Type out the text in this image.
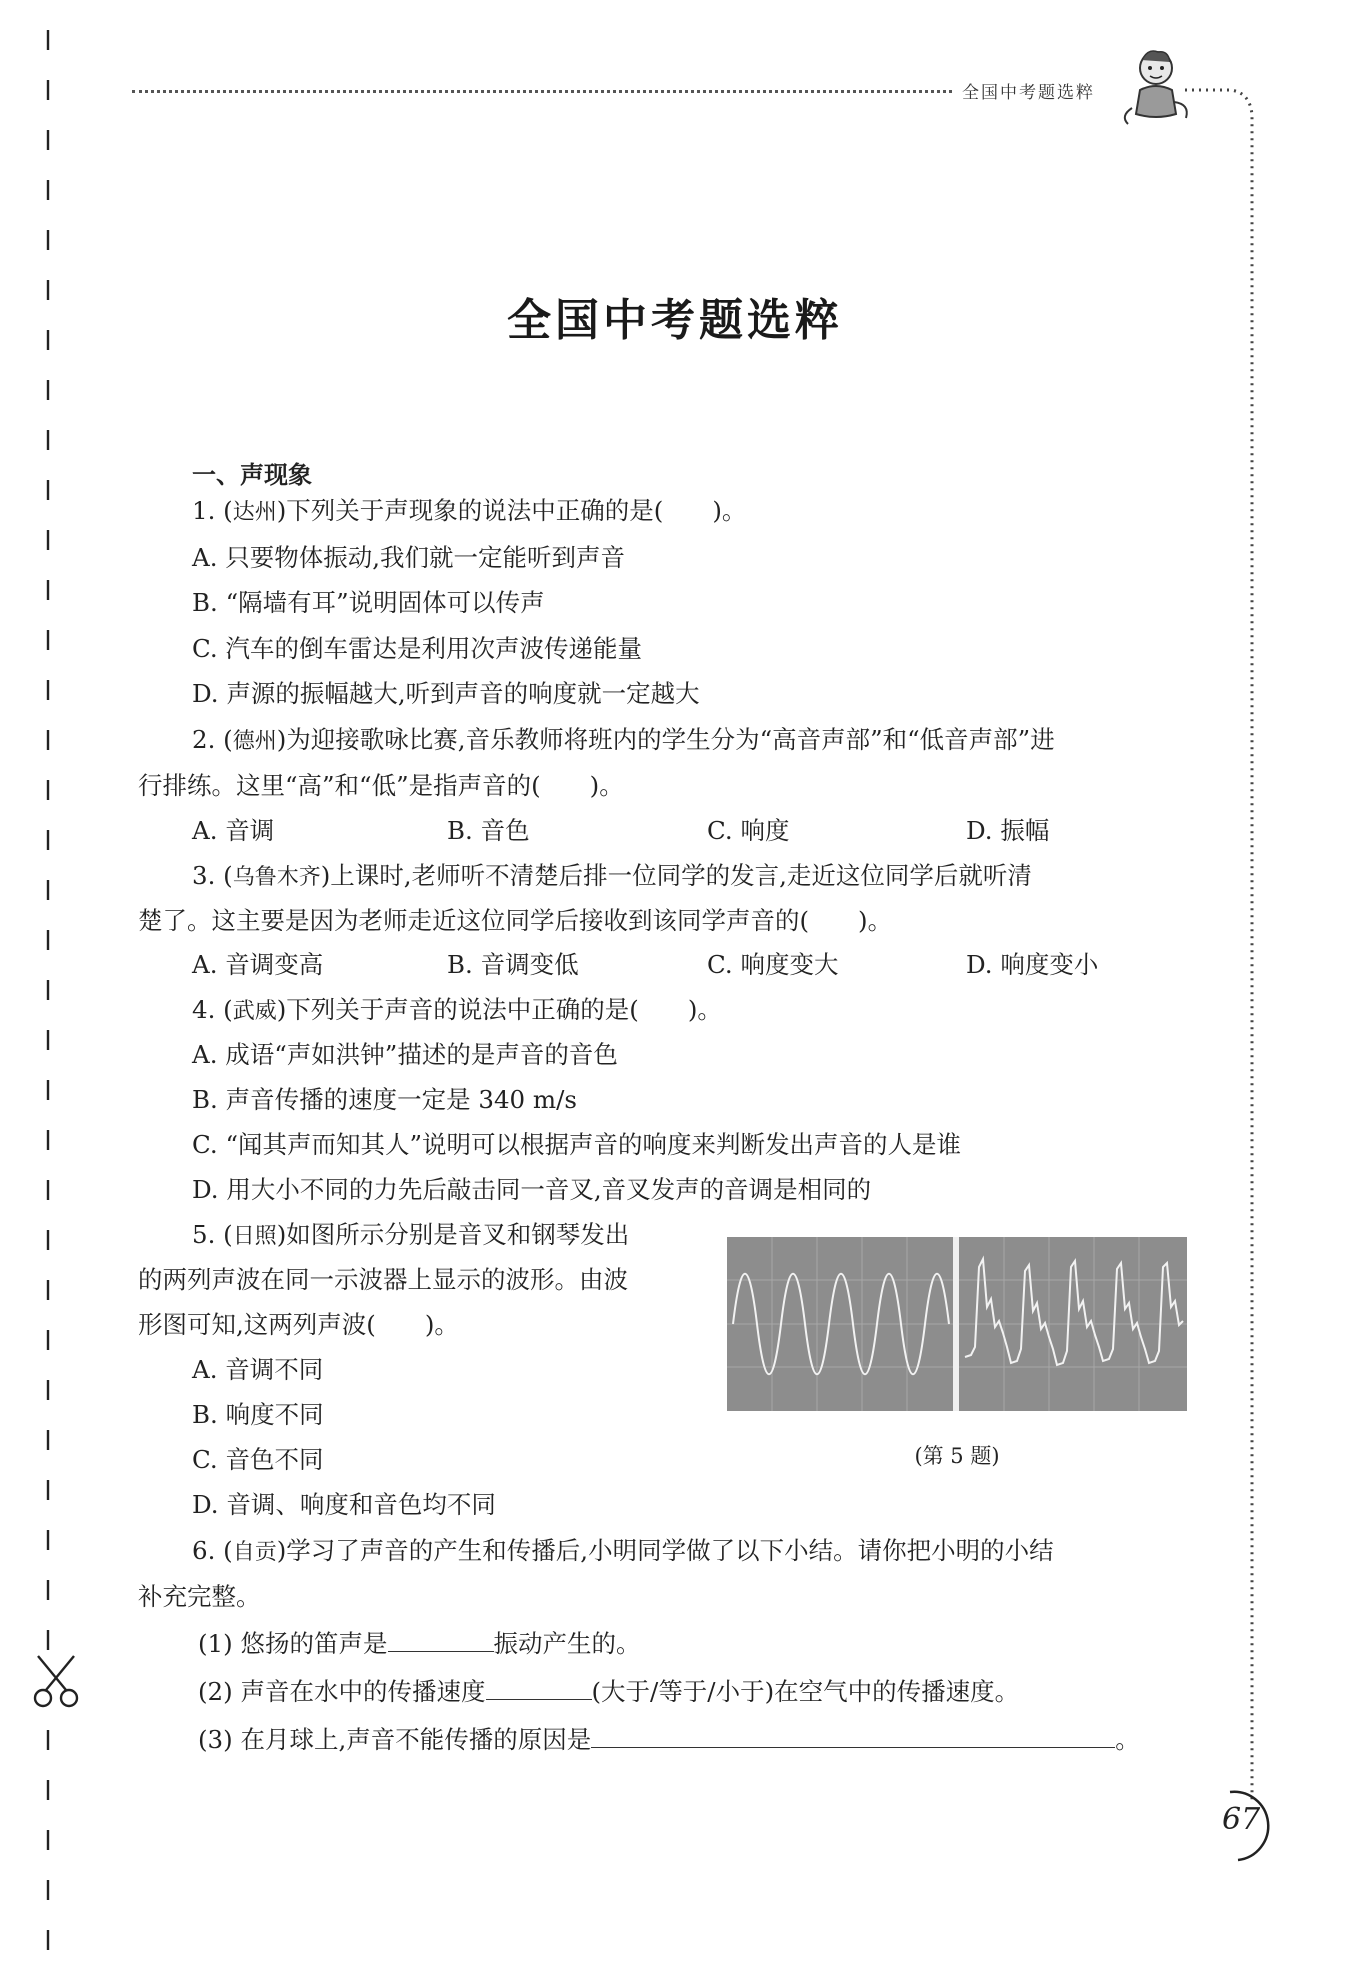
全国中考题选粹
67
全国中考题选粹
一、声现象
1. (达州)下列关于声现象的说法中正确的是(　　)。
A. 只要物体振动,我们就一定能听到声音
B. “隔墙有耳”说明固体可以传声
C. 汽车的倒车雷达是利用次声波传递能量
D. 声源的振幅越大,听到声音的响度就一定越大
2. (德州)为迎接歌咏比赛,音乐教师将班内的学生分为“高音声部”和“低音声部”进
行排练。这里“高”和“低”是指声音的(　　)。
A. 音调	B. 音色	C. 响度	D. 振幅
3. (乌鲁木齐)上课时,老师听不清楚后排一位同学的发言,走近这位同学后就听清
楚了。这主要是因为老师走近这位同学后接收到该同学声音的(　　)。
A. 音调变高	B. 音调变低	C. 响度变大	D. 响度变小
4. (武威)下列关于声音的说法中正确的是(　　)。
A. 成语“声如洪钟”描述的是声音的音色
B. 声音传播的速度一定是 340 m/s
C. “闻其声而知其人”说明可以根据声音的响度来判断发出声音的人是谁
D. 用大小不同的力先后敲击同一音叉,音叉发声的音调是相同的
5. (日照)如图所示分别是音叉和钢琴发出
的两列声波在同一示波器上显示的波形。由波
形图可知,这两列声波(　　)。
A. 音调不同
B. 响度不同
C. 音色不同
D. 音调、响度和音色均不同
(第 5 题)
6. (自贡)学习了声音的产生和传播后,小明同学做了以下小结。请你把小明的小结
补充完整。
(1) 悠扬的笛声是	振动产生的。
(2) 声音在水中的传播速度	(大于/等于/小于)在空气中的传播速度。
(3) 在月球上,声音不能传播的原因是	。
